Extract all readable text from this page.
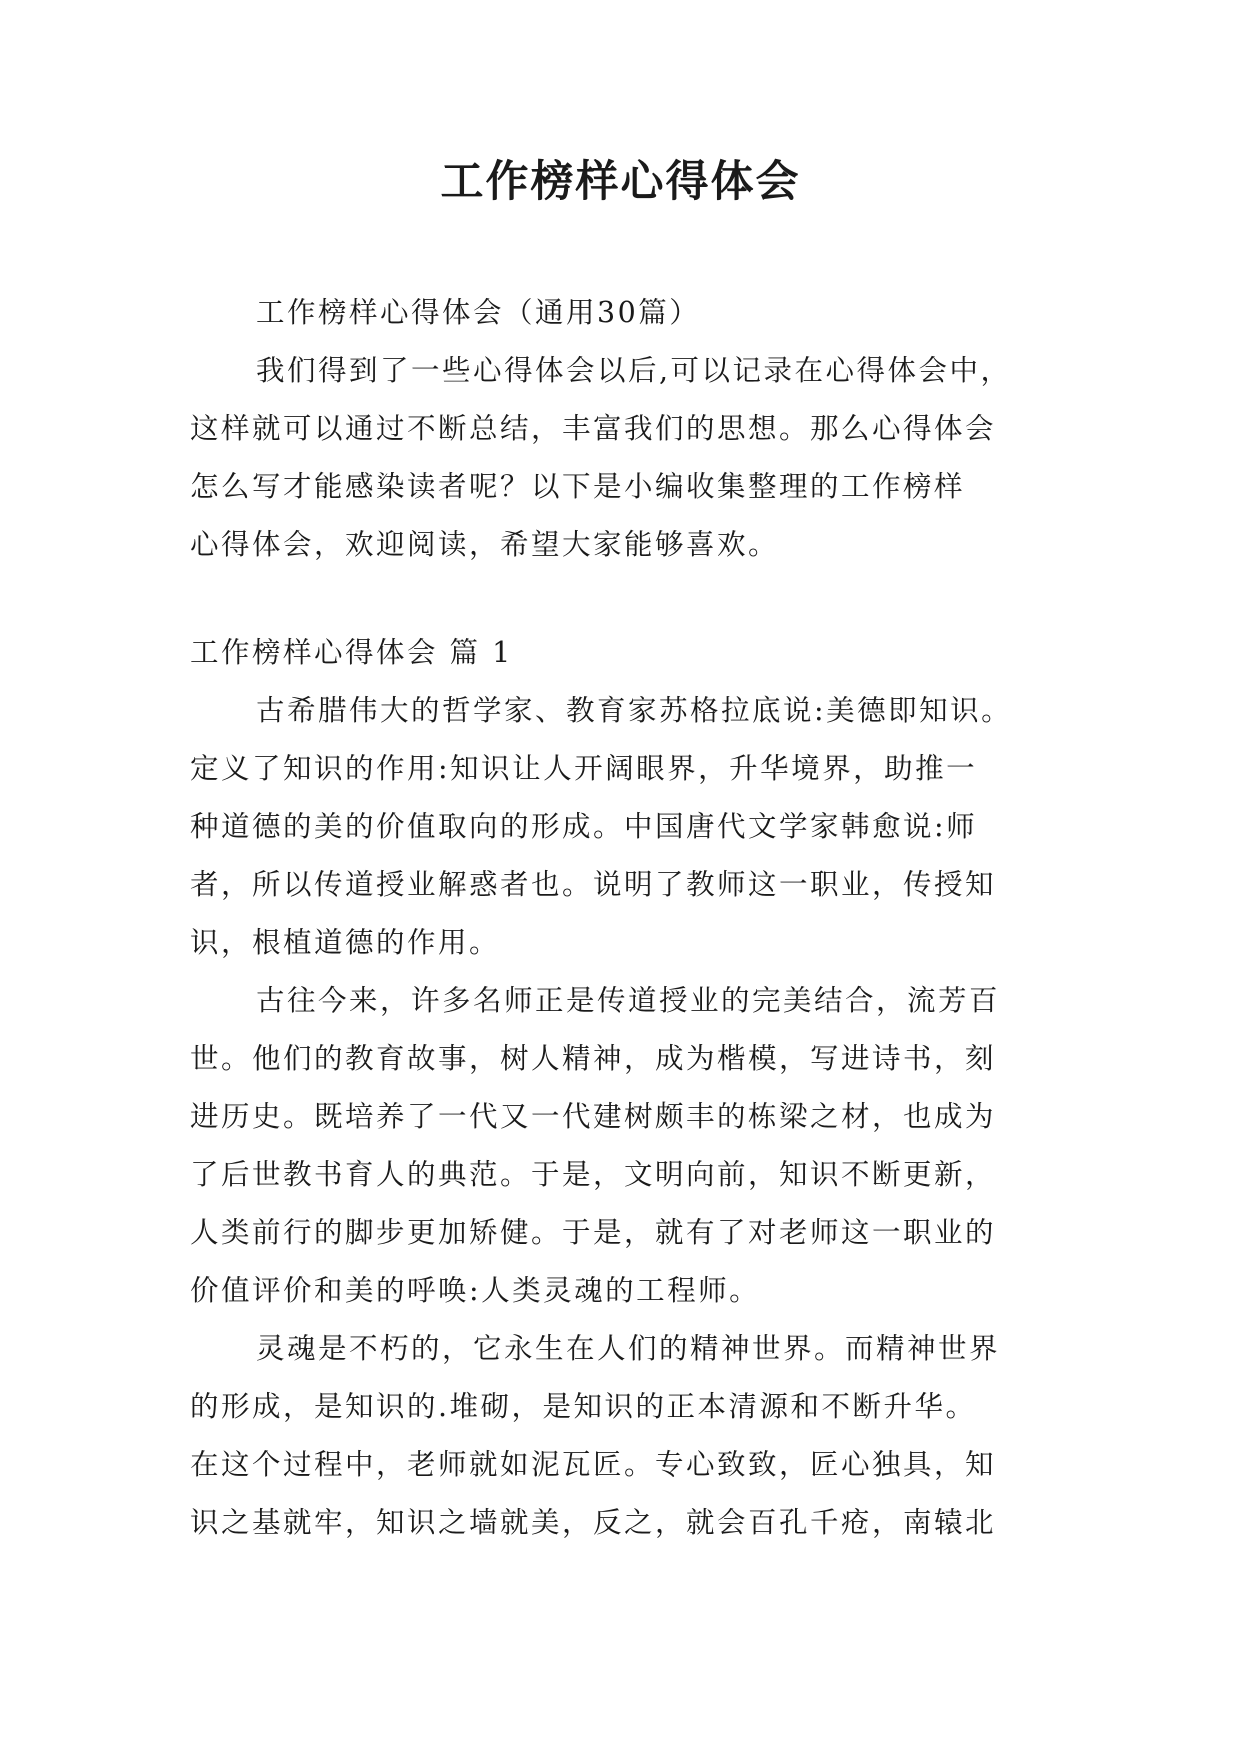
工作榜样心得体会
工作榜样心得体会（通用30篇）
我们得到了一些心得体会以后,可以记录在心得体会中，
这样就可以通过不断总结，丰富我们的思想。那么心得体会
怎么写才能感染读者呢？以下是小编收集整理的工作榜样
心得体会，欢迎阅读，希望大家能够喜欢。
工作榜样心得体会 篇 1
古希腊伟大的哲学家、教育家苏格拉底说:美德即知识。
定义了知识的作用:知识让人开阔眼界，升华境界，助推一
种道德的美的价值取向的形成。中国唐代文学家韩愈说:师
者，所以传道授业解惑者也。说明了教师这一职业，传授知
识，根植道德的作用。
古往今来，许多名师正是传道授业的完美结合，流芳百
世。他们的教育故事，树人精神，成为楷模，写进诗书，刻
进历史。既培养了一代又一代建树颇丰的栋梁之材，也成为
了后世教书育人的典范。于是，文明向前，知识不断更新，
人类前行的脚步更加矫健。于是，就有了对老师这一职业的
价值评价和美的呼唤:人类灵魂的工程师。
灵魂是不朽的，它永生在人们的精神世界。而精神世界
的形成，是知识的.堆砌，是知识的正本清源和不断升华。
在这个过程中，老师就如泥瓦匠。专心致致，匠心独具，知
识之基就牢，知识之墙就美，反之，就会百孔千疮，南辕北
